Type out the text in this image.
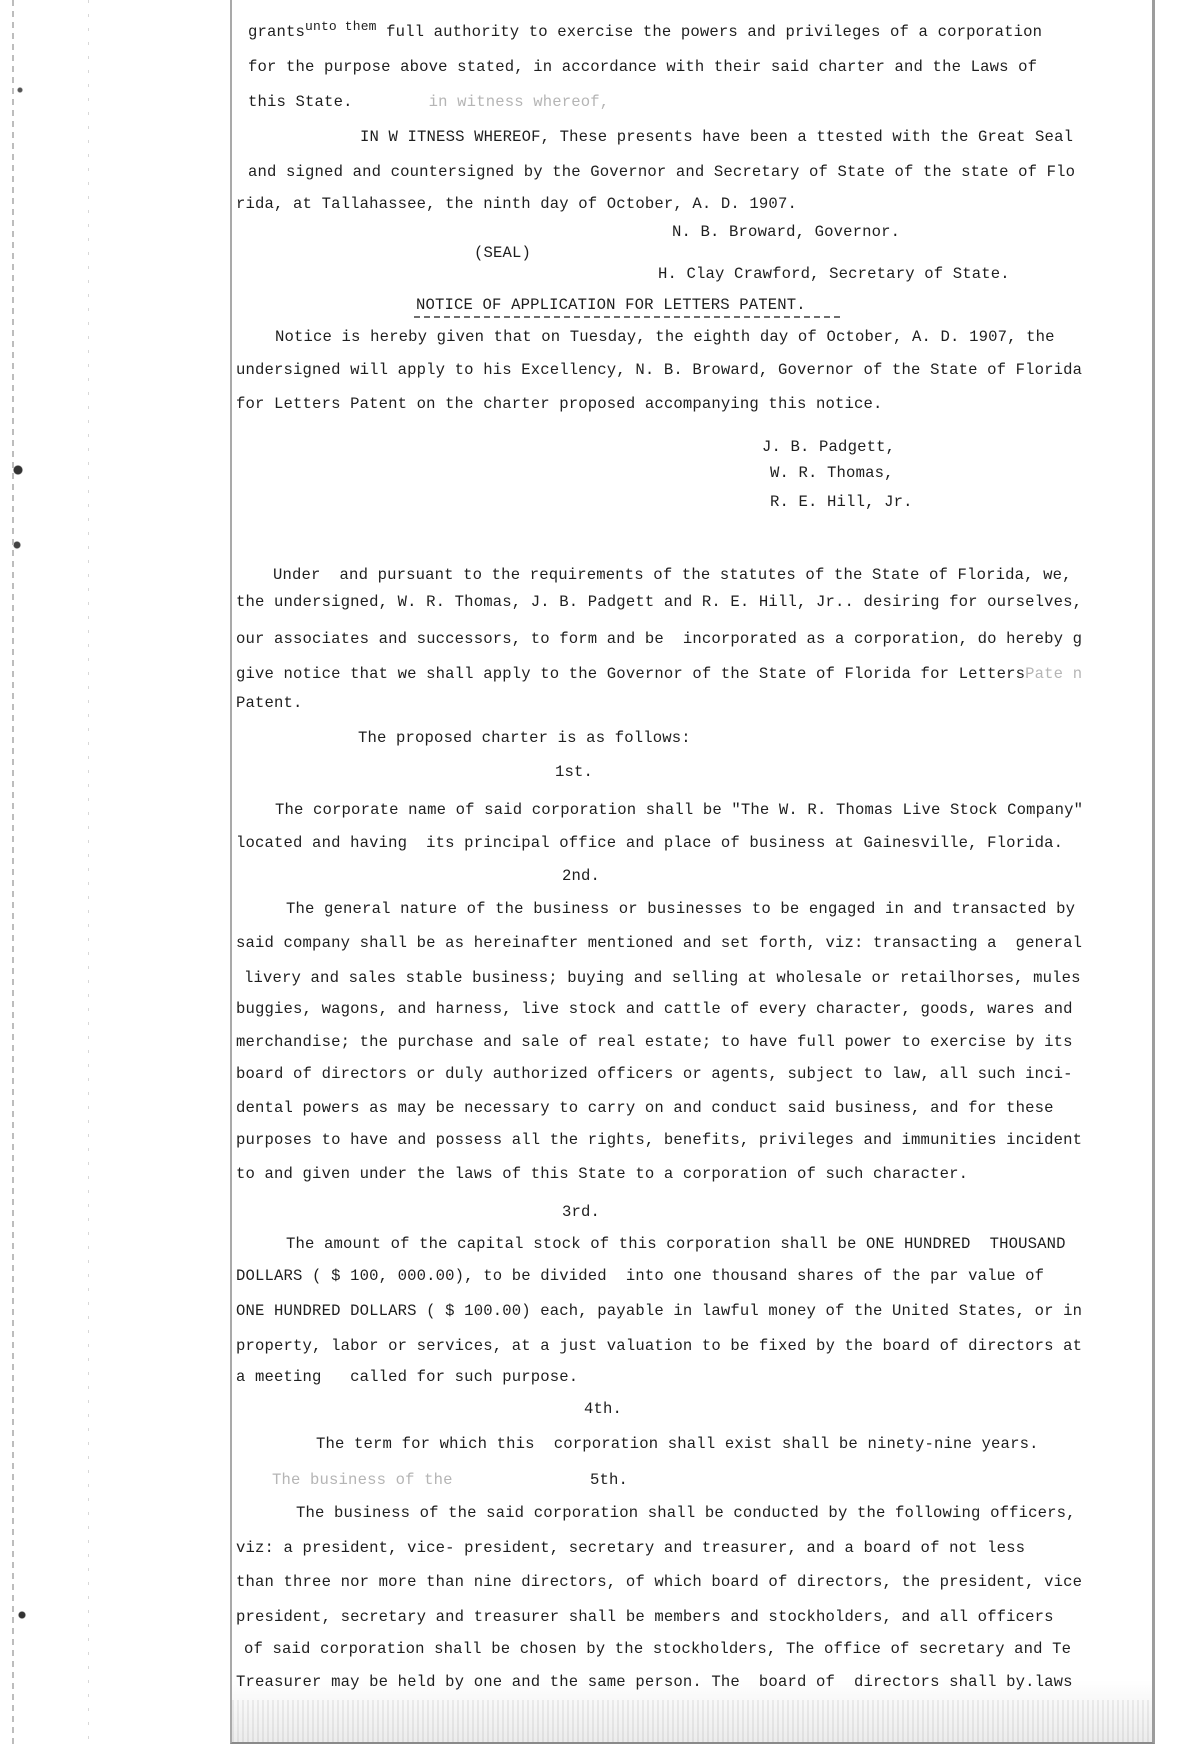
grants$^{unto them}$ full authority to exercise the powers and privileges of a corporation
for the purpose above stated, in accordance with their said charter and the Laws of
this State.	in witness whereof,
IN W ITNESS WHEREOF, These presents have been a ttested with the Great Seal
and signed and countersigned by the Governor and Secretary of State of the state of Flo
rida, at Tallahassee, the ninth day of October, A. D. 1907.
N. B. Broward, Governor.
(SEAL)
H. Clay Crawford, Secretary of State.
NOTICE OF APPLICATION FOR LETTERS PATENT.
Notice is hereby given that on Tuesday, the eighth day of October, A. D. 1907, the
undersigned will apply to his Excellency, N. B. Broward, Governor of the State of Florida
for Letters Patent on the charter proposed accompanying this notice.
J. B. Padgett,
W. R. Thomas,
R. E. Hill, Jr.
Under  and pursuant to the requirements of the statutes of the State of Florida, we,
the undersigned, W. R. Thomas, J. B. Padgett and R. E. Hill, Jr.. desiring for ourselves,
our associates and successors, to form and be  incorporated as a corporation, do hereby g
give notice that we shall apply to the Governor of the State of Florida for LettersPate n
Patent.
The proposed charter is as follows:
1st.
The corporate name of said corporation shall be "The W. R. Thomas Live Stock Company"
located and having  its principal office and place of business at Gainesville, Florida.
2nd.
The general nature of the business or businesses to be engaged in and transacted by
said company shall be as hereinafter mentioned and set forth, viz: transacting a  general
livery and sales stable business; buying and selling at wholesale or retailhorses, mules
buggies, wagons, and harness, live stock and cattle of every character, goods, wares and
merchandise; the purchase and sale of real estate; to have full power to exercise by its
board of directors or duly authorized officers or agents, subject to law, all such inci-
dental powers as may be necessary to carry on and conduct said business, and for these
purposes to have and possess all the rights, benefits, privileges and immunities incident
to and given under the laws of this State to a corporation of such character.
3rd.
The amount of the capital stock of this corporation shall be ONE HUNDRED  THOUSAND
DOLLARS ( $ 100, 000.00), to be divided  into one thousand shares of the par value of
ONE HUNDRED DOLLARS ( $ 100.00) each, payable in lawful money of the United States, or in
property, labor or services, at a just valuation to be fixed by the board of directors at
a meeting   called for such purpose.
4th.
The term for which this  corporation shall exist shall be ninety-nine years.
The business of the	5th.
The business of the said corporation shall be conducted by the following officers,
viz: a president, vice- president, secretary and treasurer, and a board of not less
than three nor more than nine directors, of which board of directors, the president, vice
president, secretary and treasurer shall be members and stockholders, and all officers
of said corporation shall be chosen by the stockholders, The office of secretary and Te
Treasurer may be held by one and the same person. The  board of  directors shall by.laws
